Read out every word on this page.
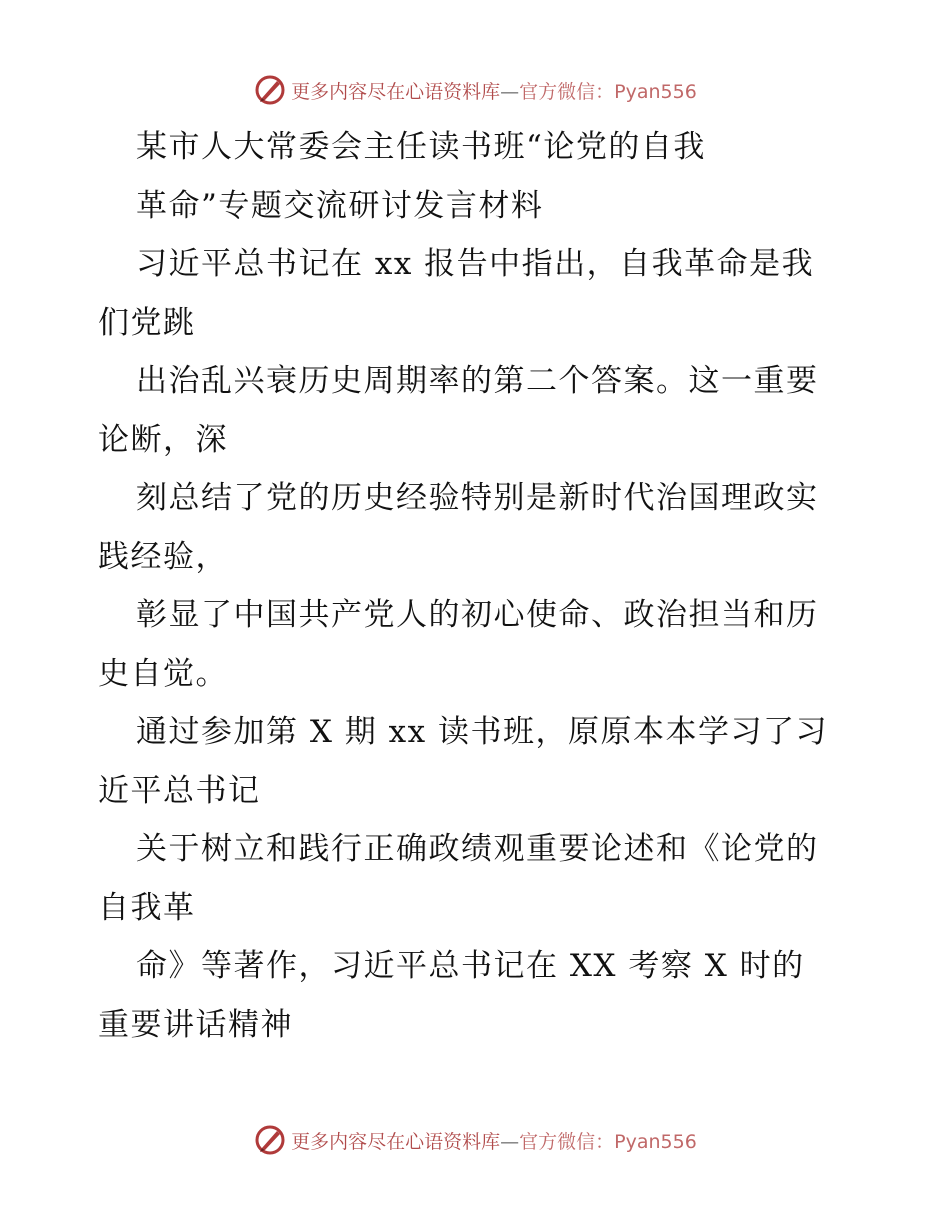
更多内容尽在心语资料库—官方微信：Pyan556
某市人大常委会主任读书班“论党的自我
革命”专题交流研讨发言材料
习近平总书记在 xx 报告中指出，自我革命是我
们党跳
出治乱兴衰历史周期率的第二个答案。这一重要
论断，深
刻总结了党的历史经验特别是新时代治国理政实
践经验，
彰显了中国共产党人的初心使命、政治担当和历
史自觉。
通过参加第 X 期 xx 读书班，原原本本学习了习
近平总书记
关于树立和践行正确政绩观重要论述和《论党的
自我革
命》等著作，习近平总书记在 XX 考察 X 时的
重要讲话精神
更多内容尽在心语资料库—官方微信：Pyan556
